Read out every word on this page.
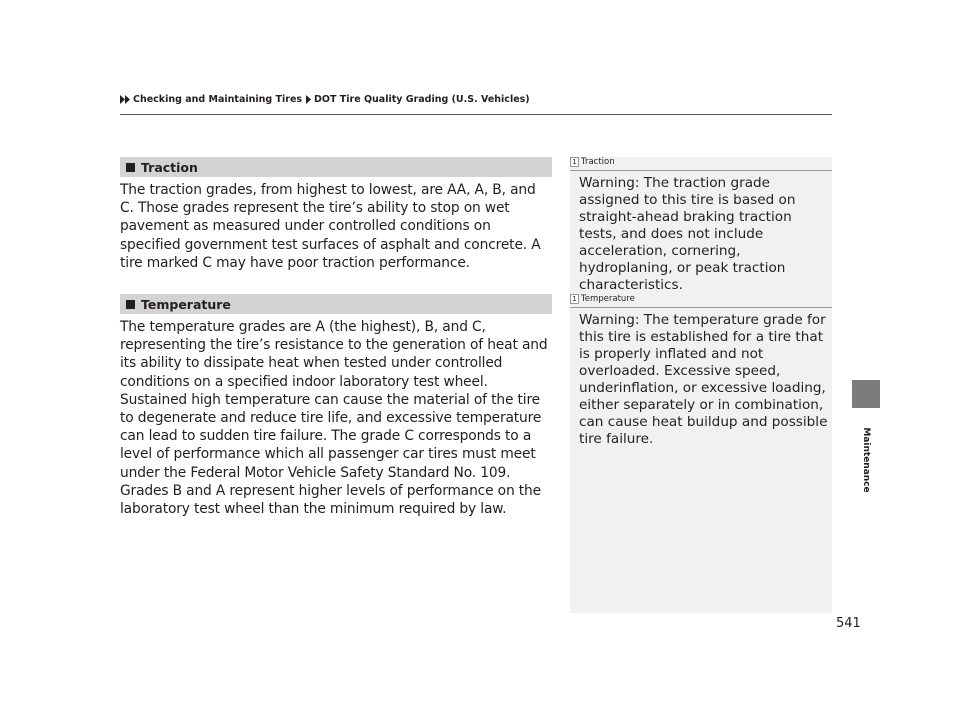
Checking and Maintaining Tires DOT Tire Quality Grading (U.S. Vehicles)
Traction

The traction grades, from highest to lowest, are AA, A, B, and C. Those grades represent the tire’s ability to stop on wet pavement as measured under controlled conditions on specified government test surfaces of asphalt and concrete. A tire marked C may have poor traction performance.

Temperature

The temperature grades are A (the highest), B, and C, representing the tire’s resistance to the generation of heat and its ability to dissipate heat when tested under controlled conditions on a specified indoor laboratory test wheel. Sustained high temperature can cause the material of the tire to degenerate and reduce tire life, and excessive temperature can lead to sudden tire failure. The grade C corresponds to a level of performance which all passenger car tires must meet under the Federal Motor Vehicle Safety Standard No. 109. Grades B and A represent higher levels of performance on the laboratory test wheel than the minimum required by law.

1 Traction

Warning: The traction grade assigned to this tire is based on straight-ahead braking traction tests, and does not include acceleration, cornering, hydroplaning, or peak traction characteristics.

1 Temperature

Warning: The temperature grade for this tire is established for a tire that is properly inflated and not overloaded. Excessive speed, underinflation, or excessive loading, either separately or in combination, can cause heat buildup and possible tire failure.	Maintenance
541
